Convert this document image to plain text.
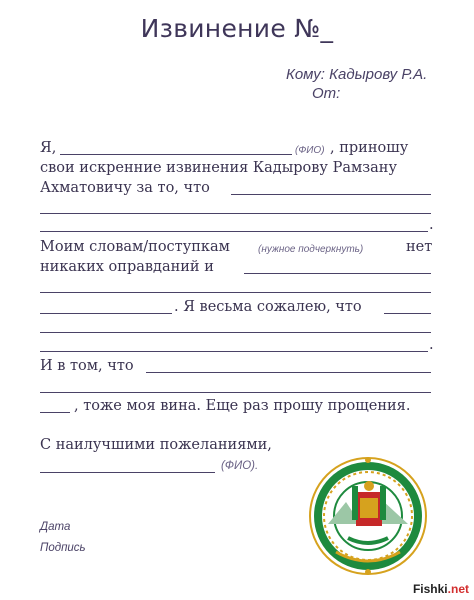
Извинение №_
Кому: Кадырову Р.А.
От:
Я,	(ФИО) , приношу
свои искренние извинения Кадырову Рамзану
Ахматовичу за то, что
.
Моим словам/поступкам	(нужное подчеркнуть)	нет
никаких оправданий и
. Я весьма сожалею, что
.
И в том, что
, тоже моя вина. Еще раз прошу прощения.
С наилучшими пожеланиями,
(ФИО).
Дата
Подпись
Fishki.net
